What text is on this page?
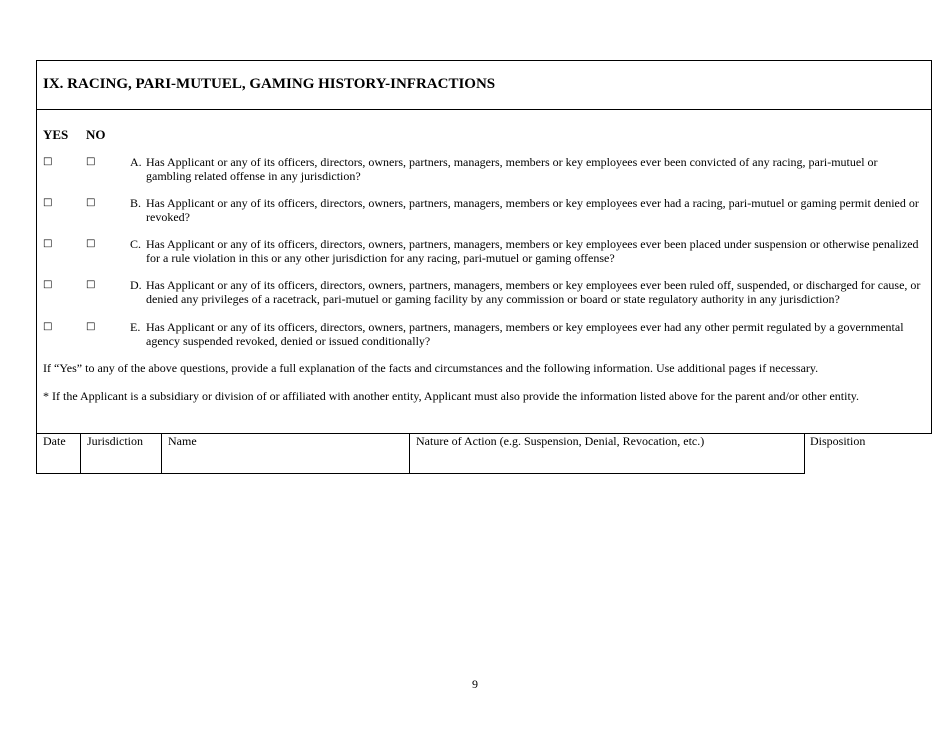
IX. RACING, PARI-MUTUEL, GAMING HISTORY-INFRACTIONS
YES NO
□	□	A. Has Applicant or any of its officers, directors, owners, partners, managers, members or key employees ever been convicted of any racing, pari-mutuel or gambling related offense in any jurisdiction?
□	□	B. Has Applicant or any of its officers, directors, owners, partners, managers, members or key employees ever had a racing, pari-mutuel or gaming permit denied or revoked?
□	□	C. Has Applicant or any of its officers, directors, owners, partners, managers, members or key employees ever been placed under suspension or otherwise penalized for a rule violation in this or any other jurisdiction for any racing, pari-mutuel or gaming offense?
□	□	D. Has Applicant or any of its officers, directors, owners, partners, managers, members or key employees ever been ruled off, suspended, or discharged for cause, or denied any privileges of a racetrack, pari-mutuel or gaming facility by any commission or board or state regulatory authority in any jurisdiction?
□	□	E. Has Applicant or any of its officers, directors, owners, partners, managers, members or key employees ever had any other permit regulated by a governmental agency suspended revoked, denied or issued conditionally?
If “Yes” to any of the above questions, provide a full explanation of the facts and circumstances and the following information. Use additional pages if necessary.
* If the Applicant is a subsidiary or division of or affiliated with another entity, Applicant must also provide the information listed above for the parent and/or other entity.
Date Jurisdiction Name	Nature of Action (e.g. Suspension, Denial, Revocation, etc.)	Disposition
9
